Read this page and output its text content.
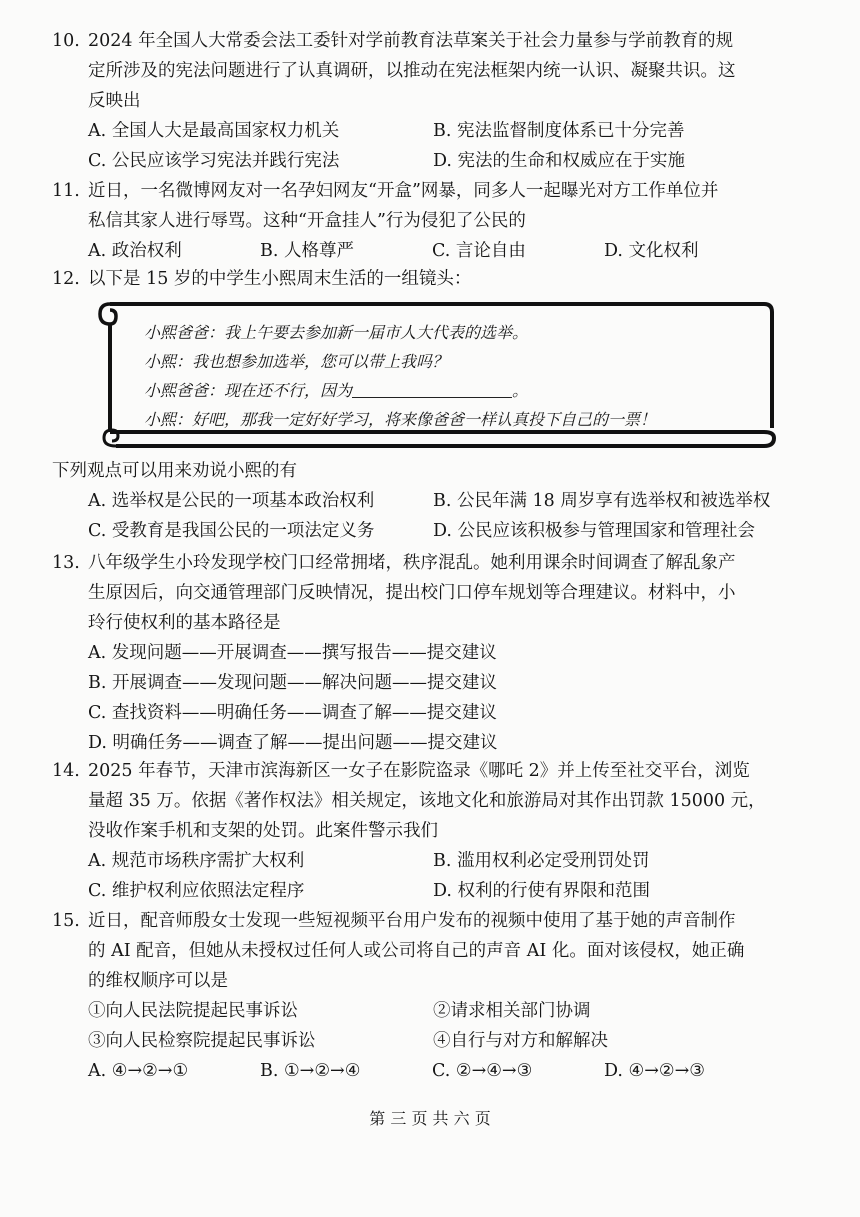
10. 2024 年全国人大常委会法工委针对学前教育法草案关于社会力量参与学前教育的规
定所涉及的宪法问题进行了认真调研，以推动在宪法框架内统一认识、凝聚共识。这
反映出
A. 全国人大是最高国家权力机关	B. 宪法监督制度体系已十分完善
C. 公民应该学习宪法并践行宪法	D. 宪法的生命和权威应在于实施
11. 近日，一名微博网友对一名孕妇网友“开盒”网暴，同多人一起曝光对方工作单位并
私信其家人进行辱骂。这种“开盒挂人”行为侵犯了公民的
A. 政治权利	B. 人格尊严	C. 言论自由	D. 文化权利
12. 以下是 15 岁的中学生小熙周末生活的一组镜头：
小熙爸爸：我上午要去参加新一届市人大代表的选举。
小熙：我也想参加选举，您可以带上我吗？
小熙爸爸：现在还不行，因为	。
小熙：好吧，那我一定好好学习，将来像爸爸一样认真投下自己的一票！
下列观点可以用来劝说小熙的有
A. 选举权是公民的一项基本政治权利	B. 公民年满 18 周岁享有选举权和被选举权
C. 受教育是我国公民的一项法定义务	D. 公民应该积极参与管理国家和管理社会
13. 八年级学生小玲发现学校门口经常拥堵，秩序混乱。她利用课余时间调查了解乱象产
生原因后，向交通管理部门反映情况，提出校门口停车规划等合理建议。材料中，小
玲行使权利的基本路径是
A. 发现问题——开展调查——撰写报告——提交建议
B. 开展调查——发现问题——解决问题——提交建议
C. 查找资料——明确任务——调查了解——提交建议
D. 明确任务——调查了解——提出问题——提交建议
14. 2025 年春节，天津市滨海新区一女子在影院盗录《哪吒 2》并上传至社交平台，浏览
量超 35 万。依据《著作权法》相关规定，该地文化和旅游局对其作出罚款 15000 元，
没收作案手机和支架的处罚。此案件警示我们
A. 规范市场秩序需扩大权利	B. 滥用权利必定受刑罚处罚
C. 维护权利应依照法定程序	D. 权利的行使有界限和范围
15. 近日，配音师殷女士发现一些短视频平台用户发布的视频中使用了基于她的声音制作
的 AI 配音，但她从未授权过任何人或公司将自己的声音 AI 化。面对该侵权，她正确
的维权顺序可以是
①向人民法院提起民事诉讼	②请求相关部门协调
③向人民检察院提起民事诉讼	④自行与对方和解解决
A. ④→②→①	B. ①→②→④	C. ②→④→③	D. ④→②→③
第 三 页 共 六 页
